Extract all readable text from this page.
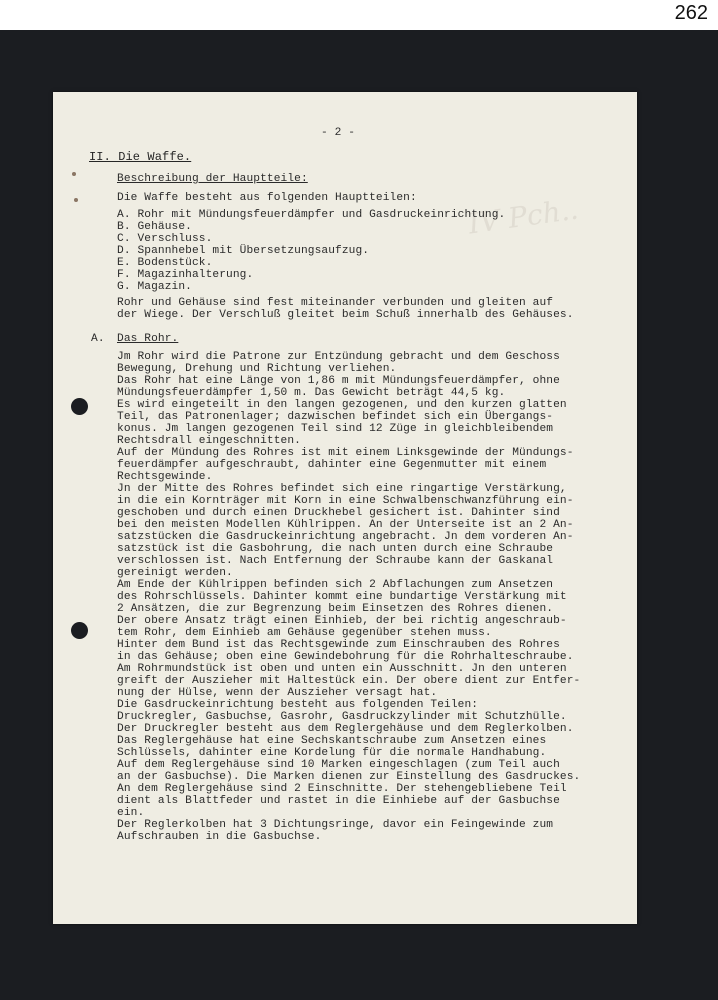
262
IV Pch..
- 2 -
II. Die Waffe.
Beschreibung der Hauptteile:
Die Waffe besteht aus folgenden Hauptteilen:
A. Rohr mit Mündungsfeuerdämpfer und Gasdruckeinrichtung.
B. Gehäuse.
C. Verschluss.
D. Spannhebel mit Übersetzungsaufzug.
E. Bodenstück.
F. Magazinhalterung.
G. Magazin.
Rohr und Gehäuse sind fest miteinander verbunden und gleiten auf
der Wiege. Der Verschluß gleitet beim Schuß innerhalb des Gehäuses.
A. Das Rohr.
Jm Rohr wird die Patrone zur Entzündung gebracht und dem Geschoss
Bewegung, Drehung und Richtung verliehen.
Das Rohr hat eine Länge von 1,86 m mit Mündungsfeuerdämpfer, ohne
Mündungsfeuerdämpfer 1,50 m. Das Gewicht beträgt 44,5 kg.
Es wird eingeteilt in den langen gezogenen, und den kurzen glatten
Teil, das Patronenlager; dazwischen befindet sich ein Übergangs-
konus. Jm langen gezogenen Teil sind 12 Züge in gleichbleibendem
Rechtsdrall eingeschnitten.
Auf der Mündung des Rohres ist mit einem Linksgewinde der Mündungs-
feuerdämpfer aufgeschraubt, dahinter eine Gegenmutter mit einem
Rechtsgewinde.
Jn der Mitte des Rohres befindet sich eine ringartige Verstärkung,
in die ein Kornträger mit Korn in eine Schwalbenschwanzführung ein-
geschoben und durch einen Druckhebel gesichert ist. Dahinter sind
bei den meisten Modellen Kühlrippen. An der Unterseite ist an 2 An-
satzstücken die Gasdruckeinrichtung angebracht. Jn dem vorderen An-
satzstück ist die Gasbohrung, die nach unten durch eine Schraube
verschlossen ist. Nach Entfernung der Schraube kann der Gaskanal
gereinigt werden.
Am Ende der Kühlrippen befinden sich 2 Abflachungen zum Ansetzen
des Rohrschlüssels. Dahinter kommt eine bundartige Verstärkung mit
2 Ansätzen, die zur Begrenzung beim Einsetzen des Rohres dienen.
Der obere Ansatz trägt einen Einhieb, der bei richtig angeschraub-
tem Rohr, dem Einhieb am Gehäuse gegenüber stehen muss.
Hinter dem Bund ist das Rechtsgewinde zum Einschrauben des Rohres
in das Gehäuse; oben eine Gewindebohrung für die Rohrhalteschraube.
Am Rohrmundstück ist oben und unten ein Ausschnitt. Jn den unteren
greift der Auszieher mit Haltestück ein. Der obere dient zur Entfer-
nung der Hülse, wenn der Auszieher versagt hat.
Die Gasdruckeinrichtung besteht aus folgenden Teilen:
Druckregler, Gasbuchse, Gasrohr, Gasdruckzylinder mit Schutzhülle.
Der Druckregler besteht aus dem Reglergehäuse und dem Reglerkolben.
Das Reglergehäuse hat eine Sechskantschraube zum Ansetzen eines
Schlüssels, dahinter eine Kordelung für die normale Handhabung.
Auf dem Reglergehäuse sind 10 Marken eingeschlagen (zum Teil auch
an der Gasbuchse). Die Marken dienen zur Einstellung des Gasdruckes.
An dem Reglergehäuse sind 2 Einschnitte. Der stehengebliebene Teil
dient als Blattfeder und rastet in die Einhiebe auf der Gasbuchse
ein.
Der Reglerkolben hat 3 Dichtungsringe, davor ein Feingewinde zum
Aufschrauben in die Gasbuchse.
